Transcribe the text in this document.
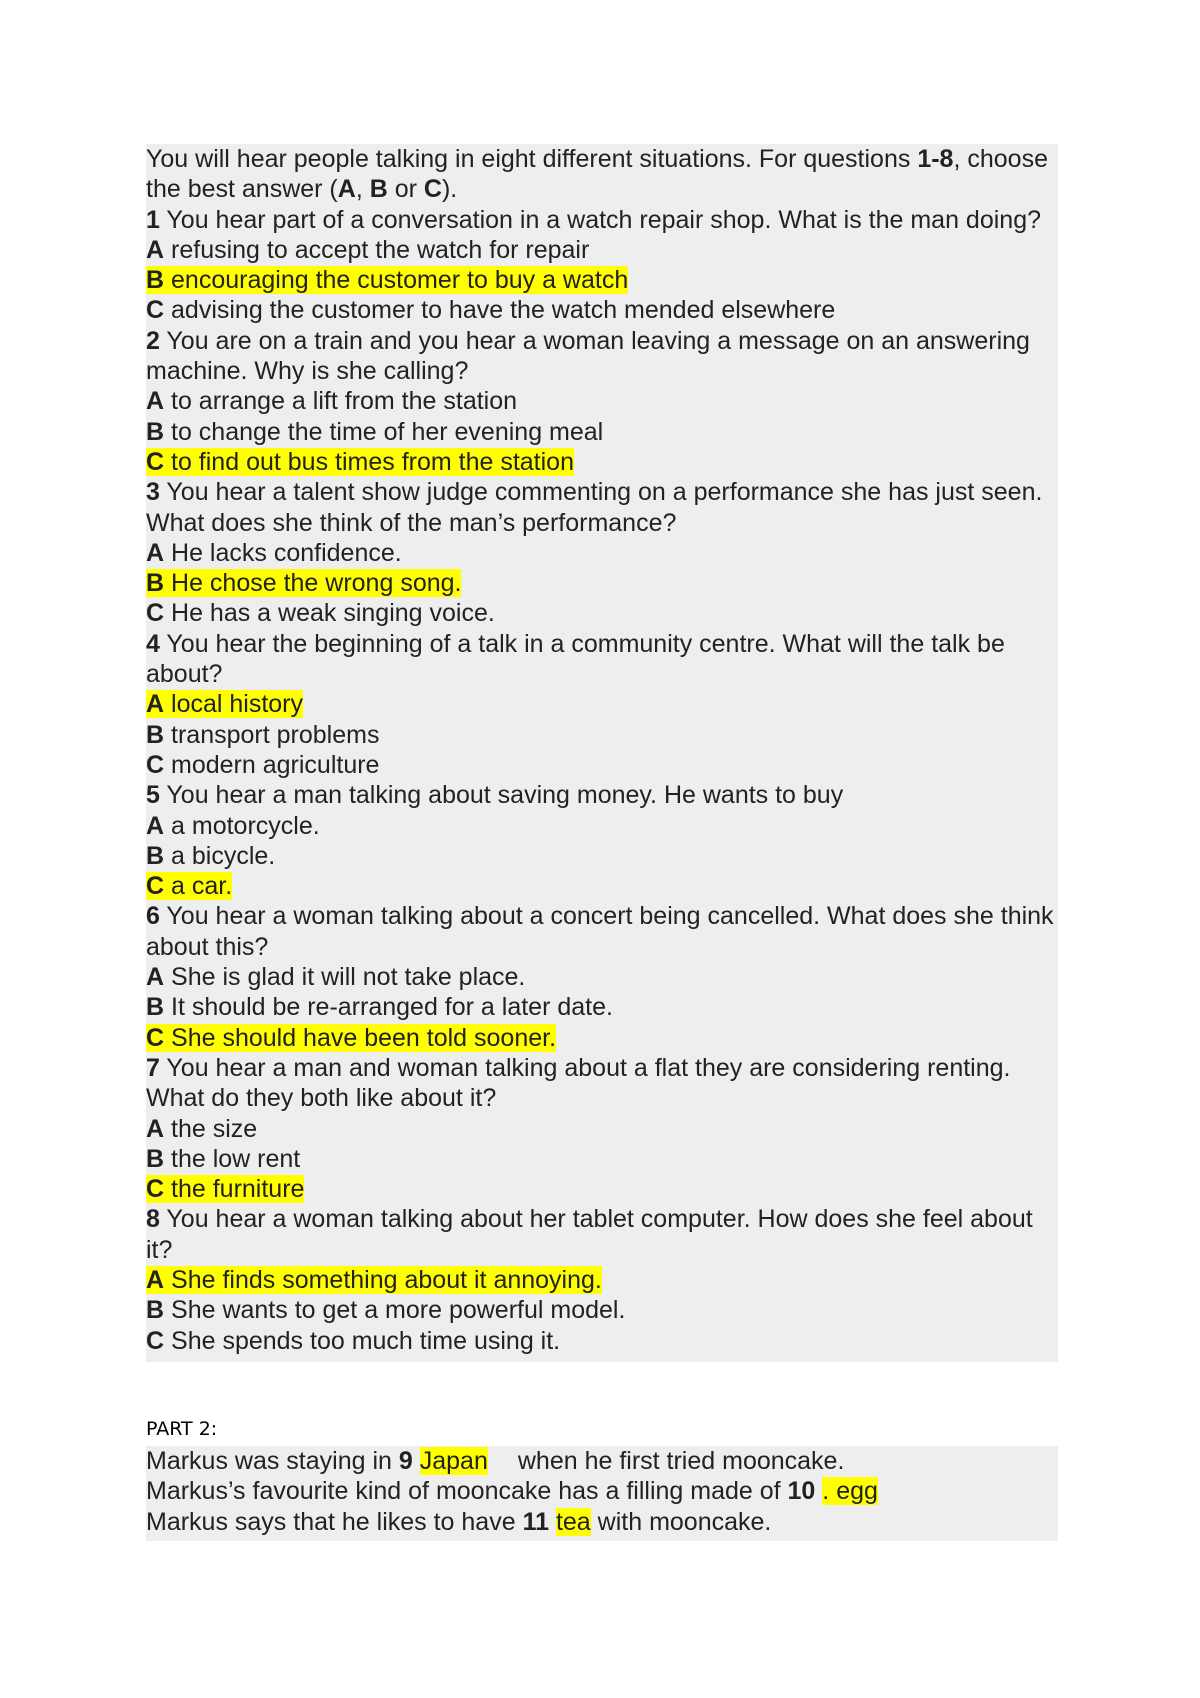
You will hear people talking in eight different situations. For questions 1-8, choose the best answer (A, B or C).
1 You hear part of a conversation in a watch repair shop. What is the man doing?
A refusing to accept the watch for repair
B encouraging the customer to buy a watch
C advising the customer to have the watch mended elsewhere
2 You are on a train and you hear a woman leaving a message on an answering machine. Why is she calling?
A to arrange a lift from the station
B to change the time of her evening meal
C to find out bus times from the station
3 You hear a talent show judge commenting on a performance she has just seen. What does she think of the man’s performance?
A He lacks confidence.
B He chose the wrong song.
C He has a weak singing voice.
4 You hear the beginning of a talk in a community centre. What will the talk be about?
A local history
B transport problems
C modern agriculture
5 You hear a man talking about saving money. He wants to buy
A a motorcycle.
B a bicycle.
C a car.
6 You hear a woman talking about a concert being cancelled. What does she think about this?
A She is glad it will not take place.
B It should be re-arranged for a later date.
C She should have been told sooner.
7 You hear a man and woman talking about a flat they are considering renting. What do they both like about it?
A the size
B the low rent
C the furniture
8 You hear a woman talking about her tablet computer. How does she feel about it?
A She finds something about it annoying.
B She wants to get a more powerful model.
C She spends too much time using it.
PART 2:
Markus was staying in 9 Japan when he first tried mooncake.
Markus’s favourite kind of mooncake has a filling made of 10 . egg
Markus says that he likes to have 11 tea with mooncake.
